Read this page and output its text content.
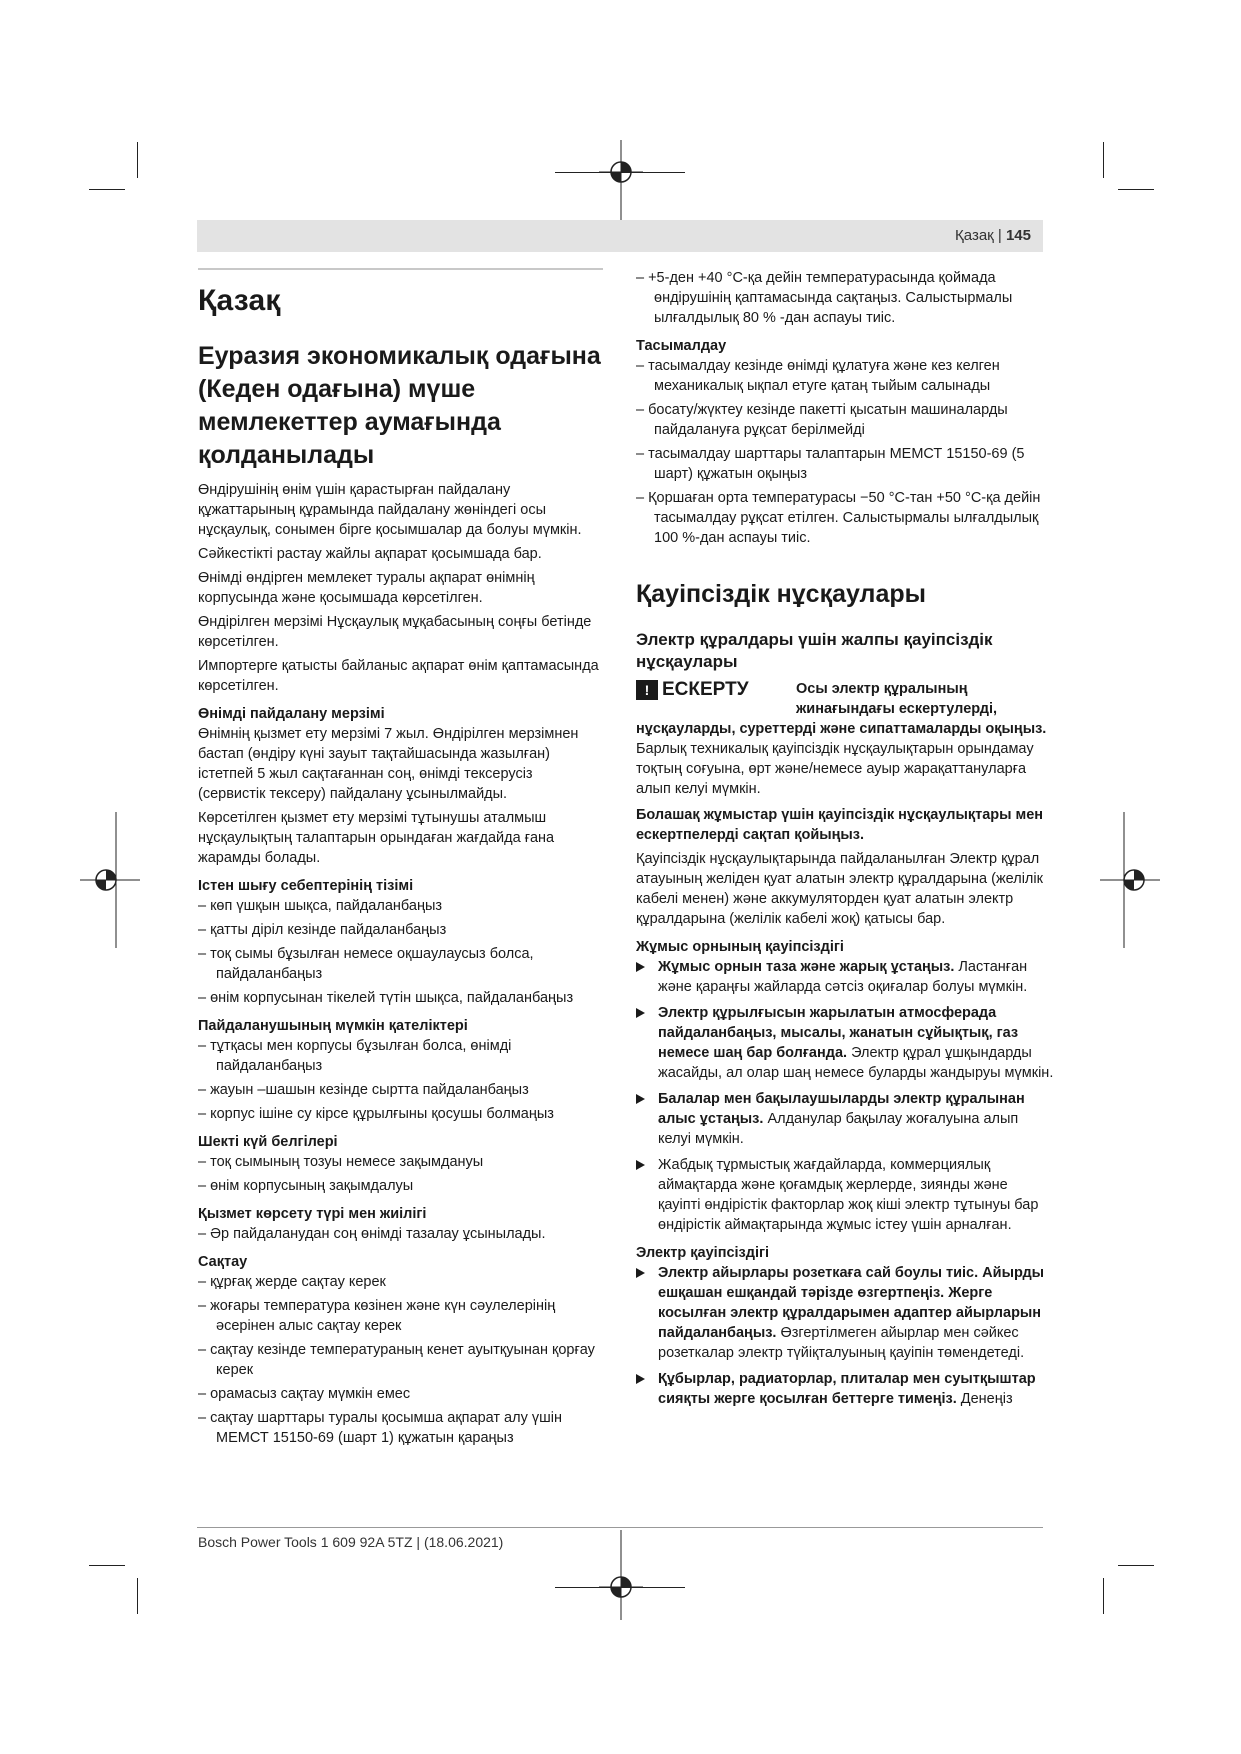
Қазақ | 145
Қазақ
Еуразия экономикалық одағына (Кеден одағына) мүше мемлекеттер аумағында қолданылады

Өндірушінің өнім үшін қарастырған пайдалану құжаттарының құрамында пайдалану жөніндегі осы нұсқаулық, сонымен бірге қосымшалар да болуы мүмкін.

Сәйкестікті растау жайлы ақпарат қосымшада бар.

Өнімді өндірген мемлекет туралы ақпарат өнімнің корпусында және қосымшада көрсетілген.

Өндірілген мерзімі Нұсқаулық мұқабасының соңғы бетінде көрсетілген.

Импортерге қатысты байланыс ақпарат өнім қаптамасында көрсетілген.

Өнімді пайдалану мерзімі

Өнімнің қызмет ету мерзімі 7 жыл. Өндірілген мерзімнен бастап (өндіру күні зауыт тақтайшасында жазылған) істетпей 5 жыл сақтағаннан соң, өнімді тексерусіз (сервистік тексеру) пайдалану ұсынылмайды.

Көрсетілген қызмет ету мерзімі тұтынушы аталмыш нұсқаулықтың талаптарын орындаған жағдайда ғана жарамды болады.

Істен шығу себептерінің тізімі
– көп үшқын шықса, пайдаланбаңыз
– қатты діріл кезінде пайдаланбаңыз
– тоқ сымы бұзылған немесе оқшаулаусыз болса, пайдаланбаңыз
– өнім корпусынан тікелей түтін шықса, пайдаланбаңыз
Пайдаланушының мүмкін қателіктері
– тұтқасы мен корпусы бұзылған болса, өнімді пайдаланбаңыз
– жауын –шашын кезінде сыртта пайдаланбаңыз
– корпус ішіне су кірсе құрылғыны қосушы болмаңыз
Шекті күй белгілері
– тоқ сымының тозуы немесе зақымдануы
– өнім корпусының зақымдалуы
Қызмет көрсету түрі мен жиілігі
– Әр пайдаланудан соң өнімді тазалау ұсынылады.
Сақтау
– құрғақ жерде сақтау керек
– жоғары температура көзінен және күн сәулелерінің әсерінен алыс сақтау керек
– сақтау кезінде температураның кенет ауытқуынан қорғау керек
– орамасыз сақтау мүмкін емес
– сақтау шарттары туралы қосымша ақпарат алу үшін МЕМСТ 15150-69 (шарт 1) құжатын қараңыз
– +5-ден +40 °С-қа дейін температурасында қоймада өндірушінің қаптамасында сақтаңыз. Салыстырмалы ылғалдылық 80 % -дан аспауы тиіс.
Тасымалдау
– тасымалдау кезінде өнімді құлатуға және кез келген механикалық ықпал етуге қатаң тыйым салынады
– босату/жүктеу кезінде пакетті қысатын машиналарды пайдалануға рұқсат берілмейді
– тасымалдау шарттары талаптарын МЕМСТ 15150-69 (5 шарт) құжатын оқыңыз
– Қоршаған орта температурасы −50 °С-тан +50 °С-қа дейін тасымалдау рұқсат етілген. Салыстырмалы ылғалдылық 100 %-дан аспауы тиіс.
Қауіпсіздік нұсқаулары
Электр құралдары үшін жалпы қауіпсіздік нұсқаулары
! ЕСКЕРТУ	Осы электр құралының жинағындағы ескертулерді,

нұсқауларды, суреттерді және сипаттамаларды оқыңыз. Барлық техникалық қауіпсіздік нұсқаулықтарын орындамау тоқтың соғуына, өрт және/немесе ауыр жарақаттануларға алып келуі мүмкін.

Болашақ жұмыстар үшін қауіпсіздік нұсқаулықтары мен ескертпелерді сақтап қойыңыз.

Қауіпсіздік нұсқаулықтарында пайдаланылған Электр құрал атауының желіден қуат алатын электр құралдарына (желілік кабелі менен) және аккумуляторден қуат алатын электр құралдарына (желілік кабелі жоқ) қатысы бар.

Жұмыс орнының қауіпсіздігі
Жұмыс орнын таза және жарық ұстаңыз. Ластанған және қараңғы жайларда сәтсіз оқиғалар болуы мүмкін.
Электр құрылғысын жарылатын атмосферада пайдаланбаңыз, мысалы, жанатын сұйықтық, газ немесе шаң бар болғанда. Электр құрал ұшқындарды жасайды, ал олар шаң немесе буларды жандыруы мүмкін.
Балалар мен бақылаушыларды электр құралынан алыс ұстаңыз. Алданулар бақылау жоғалуына алып келуі мүмкін.
Жабдық тұрмыстық жағдайларда, коммерциялық аймақтарда және қоғамдық жерлерде, зиянды және қауіпті өндірістік факторлар жоқ кіші электр тұтынуы бар өндірістік аймақтарында жұмыс істеу үшін арналған.
Электр қауіпсіздігі
Электр айырлары розеткаға сай боулы тиіс. Айырды ешқашан ешқандай тәрізде өзгертпеңіз. Жерге косылған электр құралдарымен адаптер айырларын пайдаланбаңыз. Өзгертілмеген айырлар мен сәйкес розеткалар электр түйіқталуының қауіпін төмендетеді.
Құбырлар, радиаторлар, плиталар мен суытқыштар сияқты жерге қосылған беттерге тимеңіз. Денеңіз
Bosch Power Tools 1 609 92A 5TZ | (18.06.2021)
